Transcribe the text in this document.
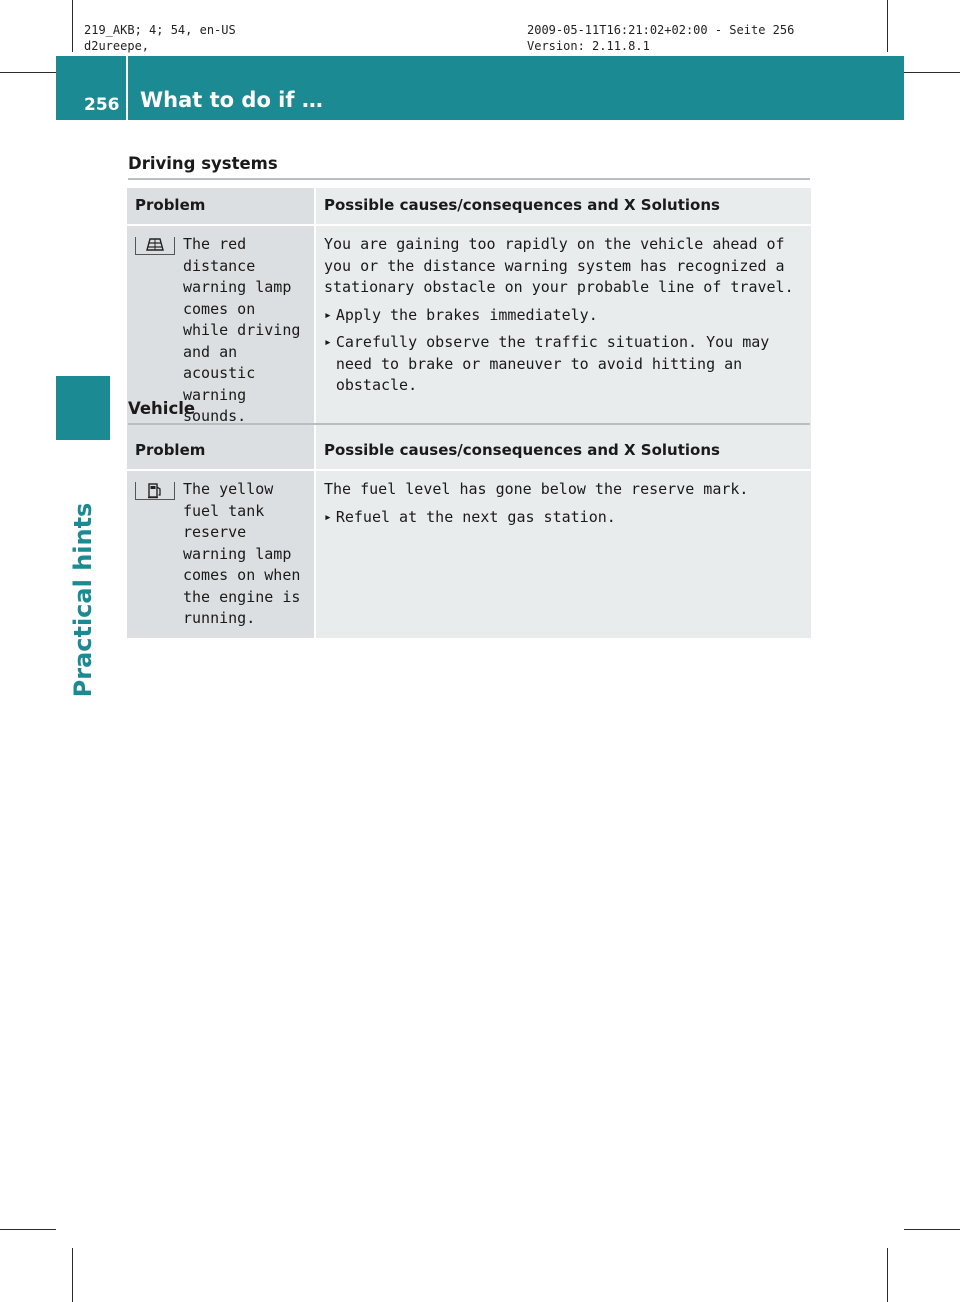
219_AKB; 4; 54, en-US
d2ureepe,
2009-05-11T16:21:02+02:00 - Seite 256
Version: 2.11.8.1
256 What to do if …
Practical hints
Driving systems
Problem	Possible causes/consequences and X Solutions

The red distance warning lamp comes on while driving and an acoustic warning sounds.	You are gaining too rapidly on the vehicle ahead of you or the distance warning system has recognized a stationary obstacle on your probable line of travel.
▸ Apply the brakes immediately.
▸ Carefully observe the traffic situation. You may need to brake or maneuver to avoid hitting an obstacle.
Vehicle
Problem	Possible causes/consequences and X Solutions

The yellow fuel tank reserve warning lamp comes on when the engine is running.	The fuel level has gone below the reserve mark.
▸ Refuel at the next gas station.
